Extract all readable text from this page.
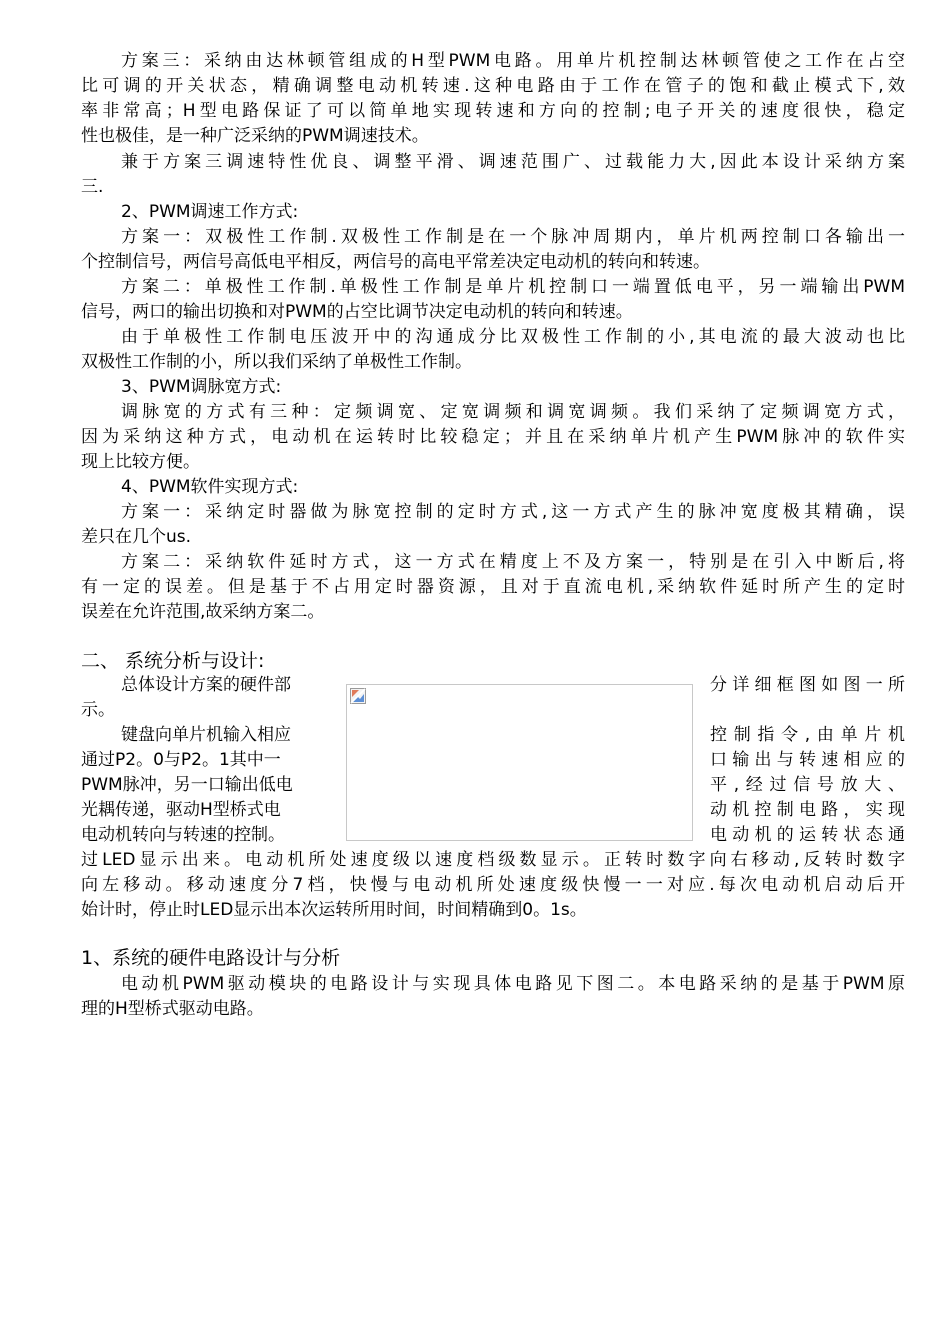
方案三：采纳由达林顿管组成的H型PWM电路。用单片机控制达林顿管使之工作在占空
比可调的开关状态，精确调整电动机转速.这种电路由于工作在管子的饱和截止模式下,效
率非常高；H型电路保证了可以简单地实现转速和方向的控制;电子开关的速度很快，稳定
性也极佳，是一种广泛采纳的PWM调速技术。
兼于方案三调速特性优良、调整平滑、调速范围广、过载能力大,因此本设计采纳方案
三.
2、PWM调速工作方式:
方案一：双极性工作制.双极性工作制是在一个脉冲周期内，单片机两控制口各输出一
个控制信号，两信号高低电平相反，两信号的高电平常差决定电动机的转向和转速。
方案二：单极性工作制.单极性工作制是单片机控制口一端置低电平，另一端输出PWM
信号，两口的输出切换和对PWM的占空比调节决定电动机的转向和转速。
由于单极性工作制电压波开中的沟通成分比双极性工作制的小,其电流的最大波动也比
双极性工作制的小，所以我们采纳了单极性工作制。
3、PWM调脉宽方式:
调脉宽的方式有三种：定频调宽、定宽调频和调宽调频。我们采纳了定频调宽方式，
因为采纳这种方式，电动机在运转时比较稳定；并且在采纳单片机产生PWM脉冲的软件实
现上比较方便。
4、PWM软件实现方式:
方案一：采纳定时器做为脉宽控制的定时方式,这一方式产生的脉冲宽度极其精确，误
差只在几个us.
方案二：采纳软件延时方式，这一方式在精度上不及方案一，特别是在引入中断后,将
有一定的误差。但是基于不占用定时器资源，且对于直流电机,采纳软件延时所产生的定时
误差在允许范围,故采纳方案二。
二、 系统分析与设计:
总体设计方案的硬件部
示。
键盘向单片机输入相应
通过P2。0与P2。1其中一
PWM脉冲，另一口输出低电
光耦传递，驱动H型桥式电
电动机转向与转速的控制。
分详细框图如图一所
控制指令,由单片机
口输出与转速相应的
平,经过信号放大、
动机控制电路，实现
电动机的运转状态通
过LED显示出来。电动机所处速度级以速度档级数显示。正转时数字向右移动,反转时数字
向左移动。移动速度分7档，快慢与电动机所处速度级快慢一一对应.每次电动机启动后开
始计时，停止时LED显示出本次运转所用时间，时间精确到0。1s。
1、系统的硬件电路设计与分析
电动机PWM驱动模块的电路设计与实现具体电路见下图二。本电路采纳的是基于PWM原
理的H型桥式驱动电路。
